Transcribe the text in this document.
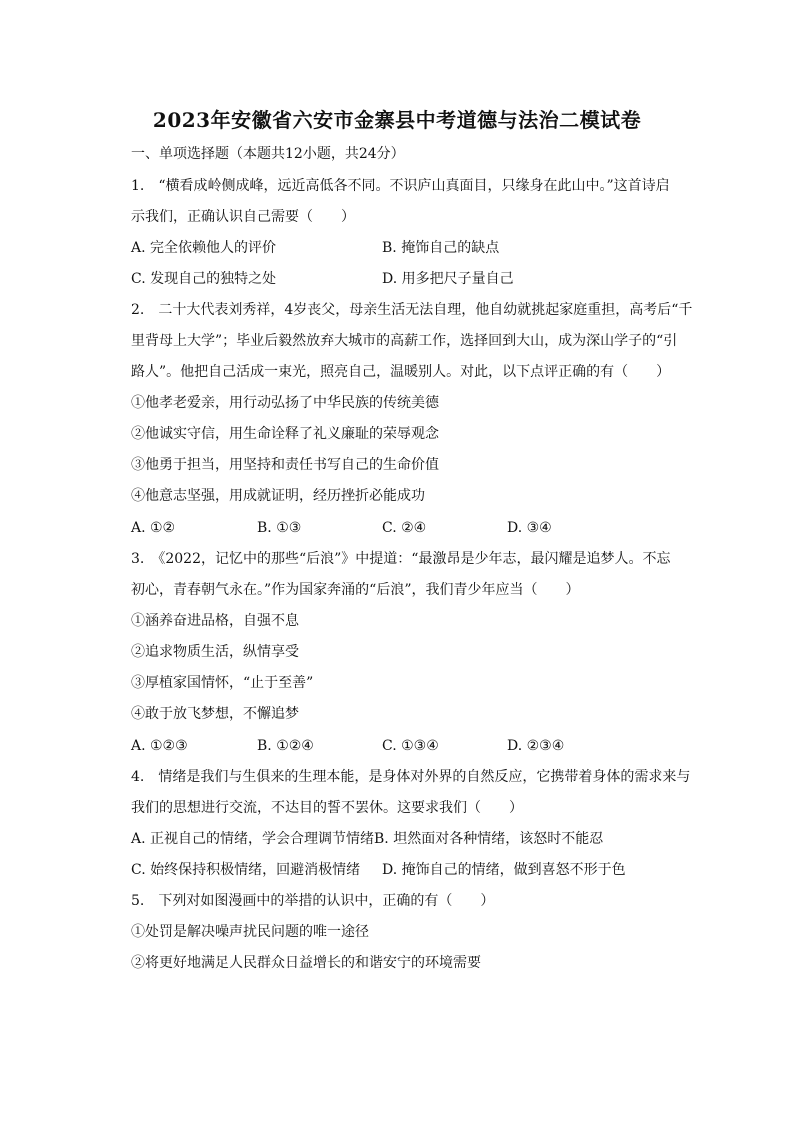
2023年安徽省六安市金寨县中考道德与法治二模试卷
一、单项选择题（本题共12小题，共24分）
1.　“横看成岭侧成峰，远近高低各不同。不识庐山真面目，只缘身在此山中。”这首诗启
示我们，正确认识自己需要（　　）
A. 完全依赖他人的评价	B. 掩饰自己的缺点
C. 发现自己的独特之处	D. 用多把尺子量自己
2.　二十大代表刘秀祥，4岁丧父，母亲生活无法自理，他自幼就挑起家庭重担，高考后“千
里背母上大学”；毕业后毅然放弃大城市的高薪工作，选择回到大山，成为深山学子的“引
路人”。他把自己活成一束光，照亮自己，温暖别人。对此，以下点评正确的有（　　）
①他孝老爱亲，用行动弘扬了中华民族的传统美德
②他诚实守信，用生命诠释了礼义廉耻的荣辱观念
③他勇于担当，用坚持和责任书写自己的生命价值
④他意志坚强，用成就证明，经历挫折必能成功
A. ①②	B. ①③	C. ②④	D. ③④
3.　《2022，记忆中的那些“后浪”》中提道：“最激昂是少年志，最闪耀是追梦人。不忘
初心，青春朝气永在。”作为国家奔涌的“后浪”，我们青少年应当（　　）
①涵养奋进品格，自强不息
②追求物质生活，纵情享受
③厚植家国情怀，“止于至善”
④敢于放飞梦想，不懈追梦
A. ①②③	B. ①②④	C. ①③④	D. ②③④
4.　情绪是我们与生俱来的生理本能，是身体对外界的自然反应，它携带着身体的需求来与
我们的思想进行交流，不达目的誓不罢休。这要求我们（　　）
A. 正视自己的情绪，学会合理调节情绪 B. 坦然面对各种情绪，该怒时不能忍
C. 始终保持积极情绪，回避消极情绪 D. 掩饰自己的情绪，做到喜怒不形于色
5.　下列对如图漫画中的举措的认识中，正确的有（　　）
①处罚是解决噪声扰民问题的唯一途径
②将更好地满足人民群众日益增长的和谐安宁的环境需要
